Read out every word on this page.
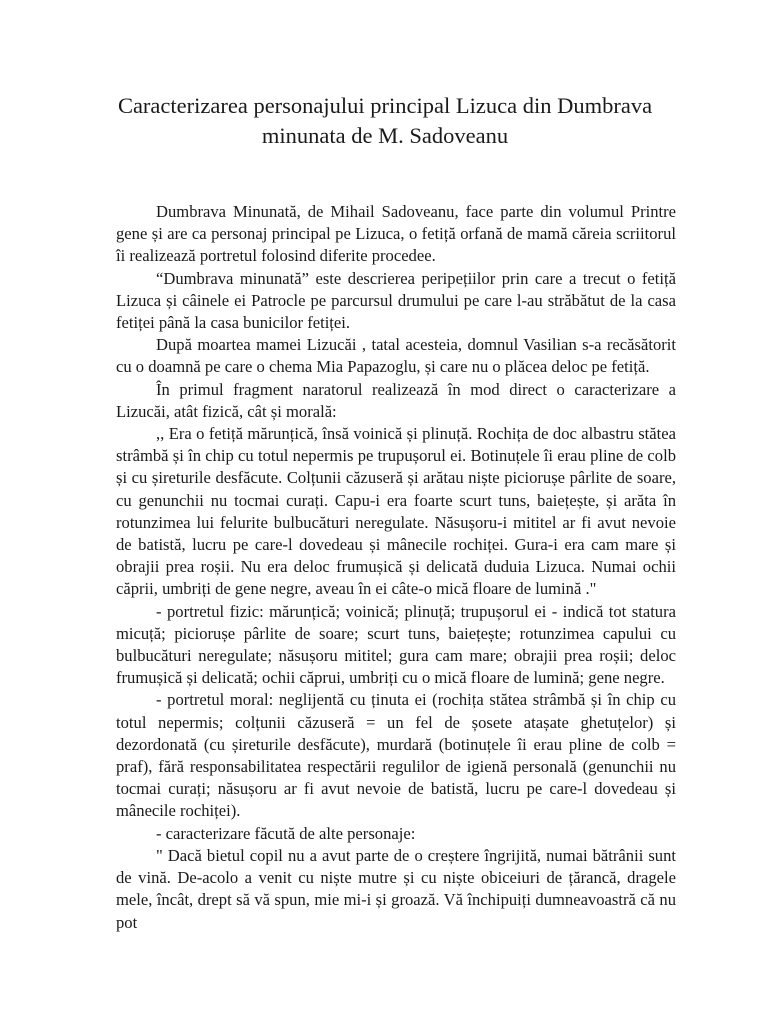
Caracterizarea personajului principal Lizuca din Dumbrava minunata de M. Sadoveanu

Dumbrava Minunată, de Mihail Sadoveanu, face parte din volumul Printre gene și are ca personaj principal pe Lizuca, o fetiță orfană de mamă căreia scriitorul îi realizează portretul folosind diferite procedee.

“Dumbrava minunată” este descrierea peripețiilor prin care a trecut o fetiță Lizuca și câinele ei Patrocle pe parcursul drumului pe care l-au străbătut de la casa fetiței până la casa bunicilor fetiței.

După moartea mamei Lizucăi , tatal acesteia, domnul Vasilian s-a recăsătorit cu o doamnă pe care o chema Mia Papazoglu, și care nu o plăcea deloc pe fetiță.

În primul fragment naratorul realizează în mod direct o caracterizare a Lizucăi, atât fizică, cât și morală:

,, Era o fetiță mărunțică, însă voinică și plinuță. Rochița de doc albastru stătea strâmbă și în chip cu totul nepermis pe trupușorul ei. Botinuțele îi erau pline de colb și cu șireturile desfăcute. Colțunii căzuseră și arătau niște piciorușe pârlite de soare, cu genunchii nu tocmai curați. Capu-i era foarte scurt tuns, baiețește, și arăta în rotunzimea lui felurite bulbucături neregulate. Năsușoru-i mititel ar fi avut nevoie de batistă, lucru pe care-l dovedeau și mânecile rochiței. Gura-i era cam mare și obrajii prea roșii. Nu era deloc frumușică și delicată duduia Lizuca. Numai ochii căprii, umbriți de gene negre, aveau în ei câte-o mică floare de lumină ."

- portretul fizic: mărunțică; voinică; plinuță; trupușorul ei - indică tot statura micuță; piciorușe pârlite de soare; scurt tuns, baiețește; rotunzimea capului cu bulbucături neregulate; năsușoru mititel; gura cam mare; obrajii prea roșii; deloc frumușică și delicată; ochii căprui, umbriți cu o mică floare de lumină; gene negre.

- portretul moral: neglijentă cu ținuta ei (rochița stătea strâmbă și în chip cu totul nepermis; colțunii căzuseră = un fel de șosete atașate ghetuțelor) și dezordonată (cu șireturile desfăcute), murdară (botinuțele îi erau pline de colb = praf), fără responsabilitatea respectării regulilor de igienă personală (genunchii nu tocmai curați; năsușoru ar fi avut nevoie de batistă, lucru pe care-l dovedeau și mânecile rochiței).

- caracterizare făcută de alte personaje:

" Dacă bietul copil nu a avut parte de o creștere îngrijită, numai bătrânii sunt de vină. De-acolo a venit cu niște mutre și cu niște obiceiuri de țărancă, dragele mele, încât, drept să vă spun, mie mi-i și groază. Vă închipuiți dumneavoastră că nu pot
